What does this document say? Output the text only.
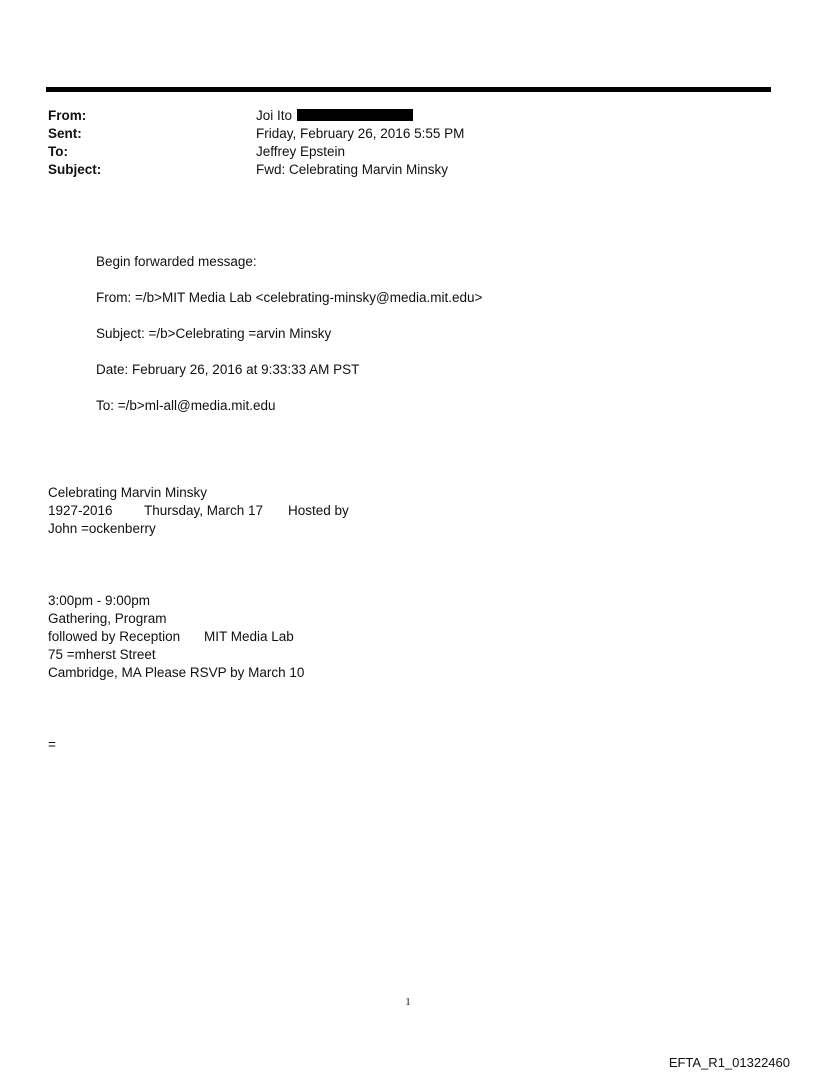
From:	Joi Ito
Sent:	Friday, February 26, 2016 5:55 PM
To:	Jeffrey Epstein
Subject:	Fwd: Celebrating Marvin Minsky
Begin forwarded message:
From: =/b>MIT Media Lab <celebrating-minsky@media.mit.edu>
Subject: =/b>Celebrating =arvin Minsky
Date: February 26, 2016 at 9:33:33 AM PST
To: =/b>ml-all@media.mit.edu
Celebrating Marvin Minsky
1927-2016 Thursday, March 17 Hosted by
John =ockenberry
3:00pm - 9:00pm
Gathering, Program
followed by Reception MIT Media Lab
75 =mherst Street
Cambridge, MA Please RSVP by March 10
=
1
EFTA_R1_01322460
